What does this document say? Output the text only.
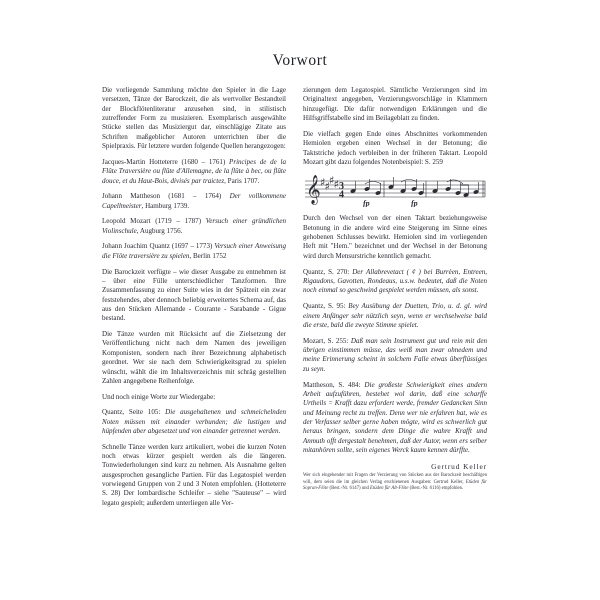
Vorwort

Die vorliegende Sammlung möchte den Spieler in die Lage versetzen, Tänze der Barockzeit, die als wertvoller Bestandteil der Blockflötenliteratur anzusehen sind, in stilistisch zutreffender Form zu musizieren. Exemplarisch ausgewählte Stücke stellen das Musiziergut dar, einschlägige Zitate aus Schriften maßgeblicher Autoren unterrichten über die Spielpraxis. Für letztere wurden folgende Quellen herangezogen:

Jacques-Martin Hotteterre (1680 – 1761) Principes de de la Flûte Traversière ou flûte d'Allemagne, de la flûte à bec, ou flûte douce, et du Haut-Bois, divisés par traictez, Paris 1707.

Johann Mattheson (1681 – 1764) Der vollkommene Capellmeister, Hamburg 1739.

Leopold Mozart (1719 – 1787) Versuch einer gründlichen Violinschule, Augburg 1756.

Johann Joachim Quantz (1697 – 1773) Versuch einer Anweisung die Flöte traversière zu spielen, Berlin 1752

Die Barockzeit verfügte – wie dieser Ausgabe zu entnehmen ist – über eine Fülle unterschiedlicher Tanzformen. Ihre Zusammenfassung zu einer Suite wies in der Spätzeit ein zwar feststehendes, aber dennoch beliebig erweitertes Schema auf, das aus den Stücken Allemande - Courante - Sarabande - Gigue bestand.

Die Tänze wurden mit Rücksicht auf die Zielsetzung der Veröffentlichung nicht nach dem Namen des jeweiligen Komponisten, sondern nach ihrer Bezeichnung alphabetisch geordnet. Wer sie nach dem Schwierigkeitsgrad zu spielen wünscht, wählt die im Inhaltsverzeichnis mit schräg gestellten Zahlen angegebene Reihenfolge.

Und noch einige Worte zur Wiedergabe:

Quantz, Seite 105: Die ausgehaltenen und schmeichelnden Noten müssen mit einander verbunden; die lustigen und hüpfenden aber abgesetzet und von einander getrennet werden.

Schnelle Tänze werden kurz artikuliert, wobei die kurzen Noten noch etwas kürzer gespielt werden als die längeren. Tonwiederholungen sind kurz zu nehmen. Als Ausnahme gelten ausgesprochen gesangliche Partien. Für das Legatospiel werden vorwiegend Gruppen von 2 und 3 Noten empfohlen. (Hotteterre S. 28) Der lombardische Schleifer – siehe "Sauteuse" – wird legato gespielt; außerdem unterliegen alle Ver-

zierungen dem Legatospiel. Sämtliche Verzierungen sind im Originaltext angegeben, Verzierungsvorschläge in Klammern hinzugefügt. Die dafür notwendigen Erklärungen und die Hilfsgriffstabelle sind im Beilageblatt zu finden.

Die vielfach gegen Ende eines Abschnittes vorkommenden Hemiolen ergeben einen Wechsel in der Betonung; die Taktstriche jedoch verbleiben in der früheren Taktart. Leopold Mozart gibt dazu folgendes Notenbeispiel: S. 259

𝄞 ♯ ♯ ♯ ♯ 3
4
fp	fp

Durch den Wechsel von der einen Taktart beziehungsweise Betonung in die andere wird eine Steigerung im Sinne eines gehobenen Schlusses bewirkt. Hemiolen sind im vorliegenden Heft mit "Hem." bezeichnet und der Wechsel in der Betonung wird durch Mensurstriche kenntlich gemacht.

Quantz, S. 270: Der Allabrevetact ( ¢ ) bei Burrèen, Entreen, Rigaudons, Gavotten, Rondeaus, u.s.w. bedeutet, daß die Noten noch einmal so geschwind gespielet werden müssen, als sonst.

Quantz, S. 95: Bey Ausübung der Duetten, Trio, u. d. gl. wird einem Anfänger sehr nützlich seyn, wenn er wechselweise bald die erste, bald die zweyte Stimme spielet.

Mozart, S. 255: Daß man sein Instrument gut und rein mit den übrigen einstimmen müsse, das weiß man zwar ohnedem und meine Erinnerung scheint in solchem Falle etwas überflüssiges zu seyn.

Mattheson, S. 484: Die großeste Schwierigkeit eines andern Arbeit aufzuführen, bestehet wol darin, daß eine scharffe Urtheils = Krafft dazu erfordert werde, fremder Gedancken Sinn und Meinung recht zu treffen. Denn wer nie erfahren hat, wie es der Verfasser selber gerne haben mögte, wird es schwerlich gut heraus bringen, sondern dem Dinge die wahre Krafft und Anmuth offt dergestalt benehmen, daß der Autor, wenn ers selber mitanhören sollte, sein eigenes Werck kaum kennen dürffte.

Gertrud Keller

Wer sich eingehender mit Fragen der Verzierung von Stücken aus der Barockzeit beschäftigen will, dem seien die im gleichen Verlag erschienenen Ausgaben: Gertrud Keller, Etüden für Sopran-Flöte (Best.-Nr. 6147) und Etüden für Alt-Flöte (Best.-Nr. 6116) empfohlen.
